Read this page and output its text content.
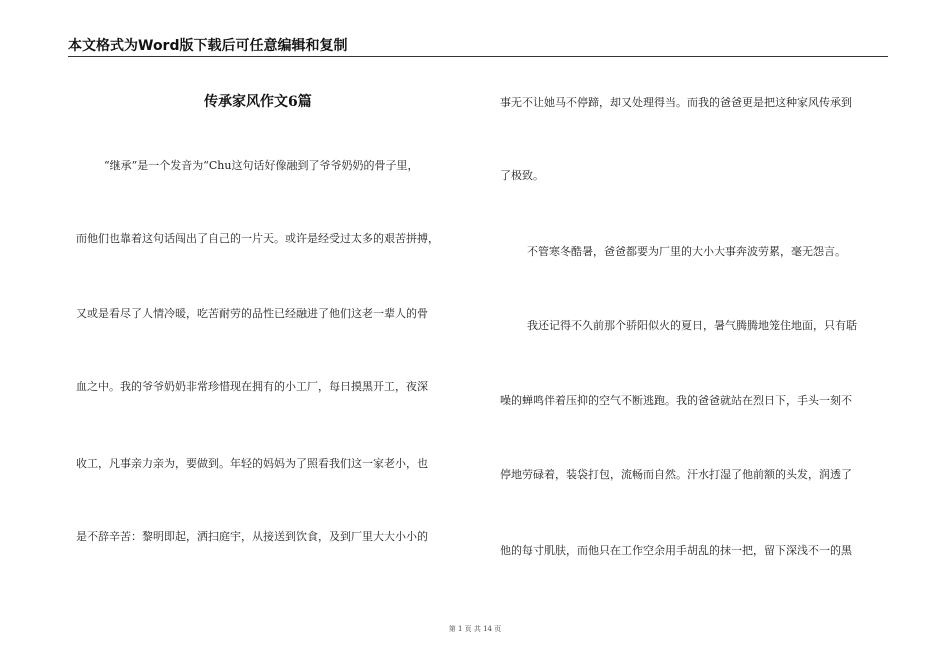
本文格式为Word版下载后可任意编辑和复制
传承家风作文6篇
“继承”是一个发音为“Chu这句话好像融到了爷爷奶奶的骨子里，
而他们也靠着这句话闯出了自己的一片天。或许是经受过太多的艰苦拼搏，
又或是看尽了人情冷暖，吃苦耐劳的品性已经融进了他们这老一辈人的骨
血之中。我的爷爷奶奶非常珍惜现在拥有的小工厂，每日摸黑开工，夜深
收工，凡事亲力亲为，要做到。年轻的妈妈为了照看我们这一家老小，也
是不辞辛苦：黎明即起，洒扫庭宇，从接送到饮食，及到厂里大大小小的
事无不让她马不停蹄，却又处理得当。而我的爸爸更是把这种家风传承到
了极致。
不管寒冬酷暑，爸爸都要为厂里的大小大事奔波劳累，毫无怨言。
我还记得不久前那个骄阳似火的夏日，暑气腾腾地笼住地面，只有聒
噪的蝉鸣伴着压抑的空气不断逃跑。我的爸爸就站在烈日下，手头一刻不
停地劳碌着，装袋打包，流畅而自然。汗水打湿了他前额的头发，润透了
他的每寸肌肤，而他只在工作空余用手胡乱的抹一把，留下深浅不一的黑
第 1 页 共 14 页
